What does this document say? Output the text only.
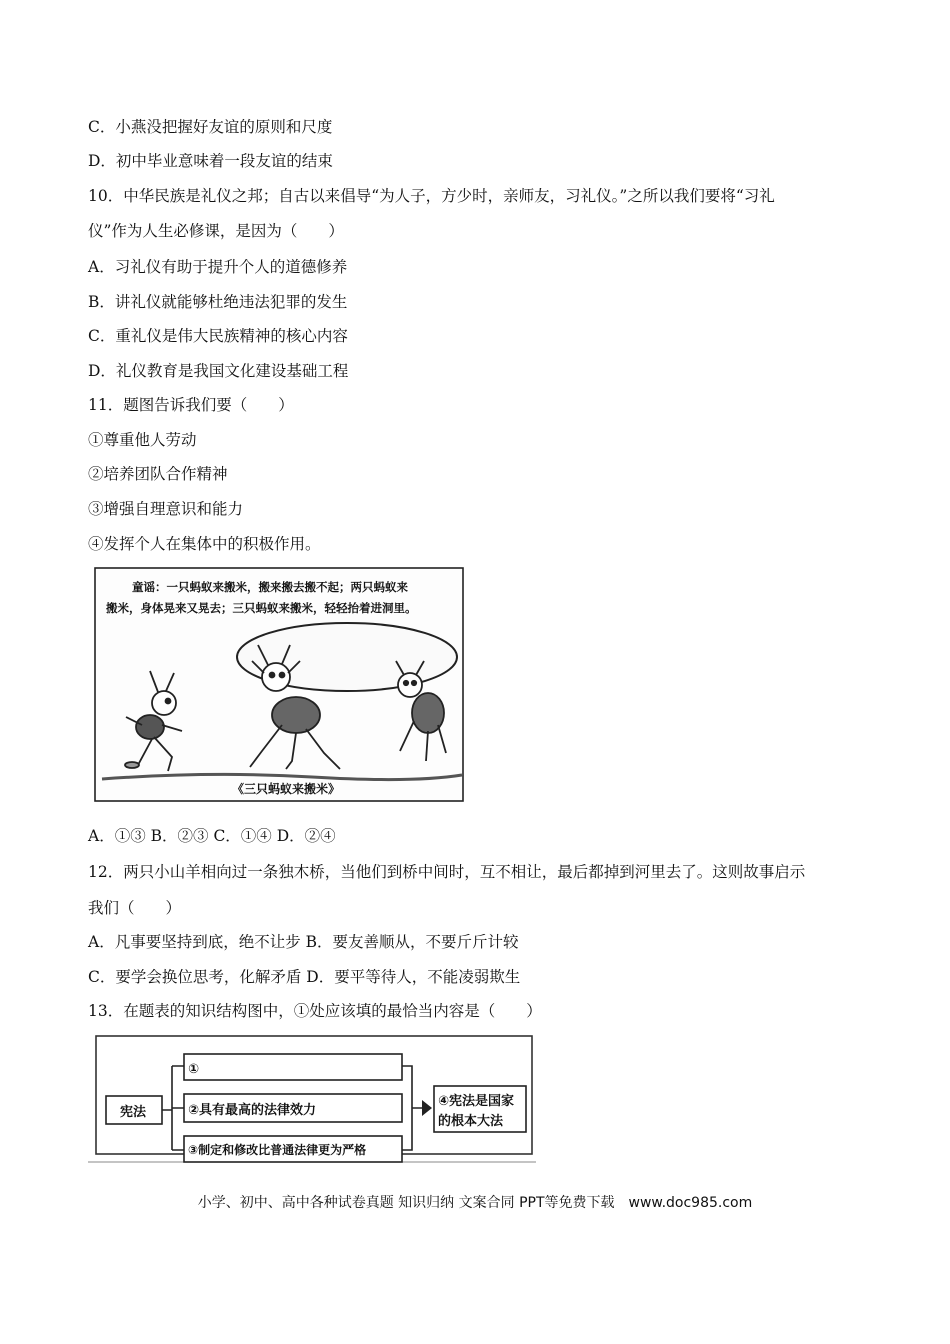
C．小燕没把握好友谊的原则和尺度
D．初中毕业意味着一段友谊的结束
10．中华民族是礼仪之邦；自古以来倡导“为人子，方少时，亲师友，习礼仪。”之所以我们要将“习礼
仪”作为人生必修课，是因为（　　）
A．习礼仪有助于提升个人的道德修养
B．讲礼仪就能够杜绝违法犯罪的发生
C．重礼仪是伟大民族精神的核心内容
D．礼仪教育是我国文化建设基础工程
11．题图告诉我们要（　　）
①尊重他人劳动
②培养团队合作精神
③增强自理意识和能力
④发挥个人在集体中的积极作用。
童谣：一只蚂蚁来搬米，搬来搬去搬不起；两只蚂蚁来
搬米，身体晃来又晃去；三只蚂蚁来搬米，轻轻抬着进洞里。
《三只蚂蚁来搬米》
A．①③ B．②③ C．①④ D．②④
12．两只小山羊相向过一条独木桥，当他们到桥中间时，互不相让，最后都掉到河里去了。这则故事启示
我们（　　）
A．凡事要坚持到底，绝不让步 B．要友善顺从，不要斤斤计较
C．要学会换位思考，化解矛盾 D．要平等待人，不能凌弱欺生
13．在题表的知识结构图中，①处应该填的最恰当内容是（　　）
宪法
①
②具有最高的法律效力
③制定和修改比普通法律更为严格
④宪法是国家
的根本大法
小学、初中、高中各种试卷真题 知识归纳 文案合同 PPT等免费下载　www.doc985.com
